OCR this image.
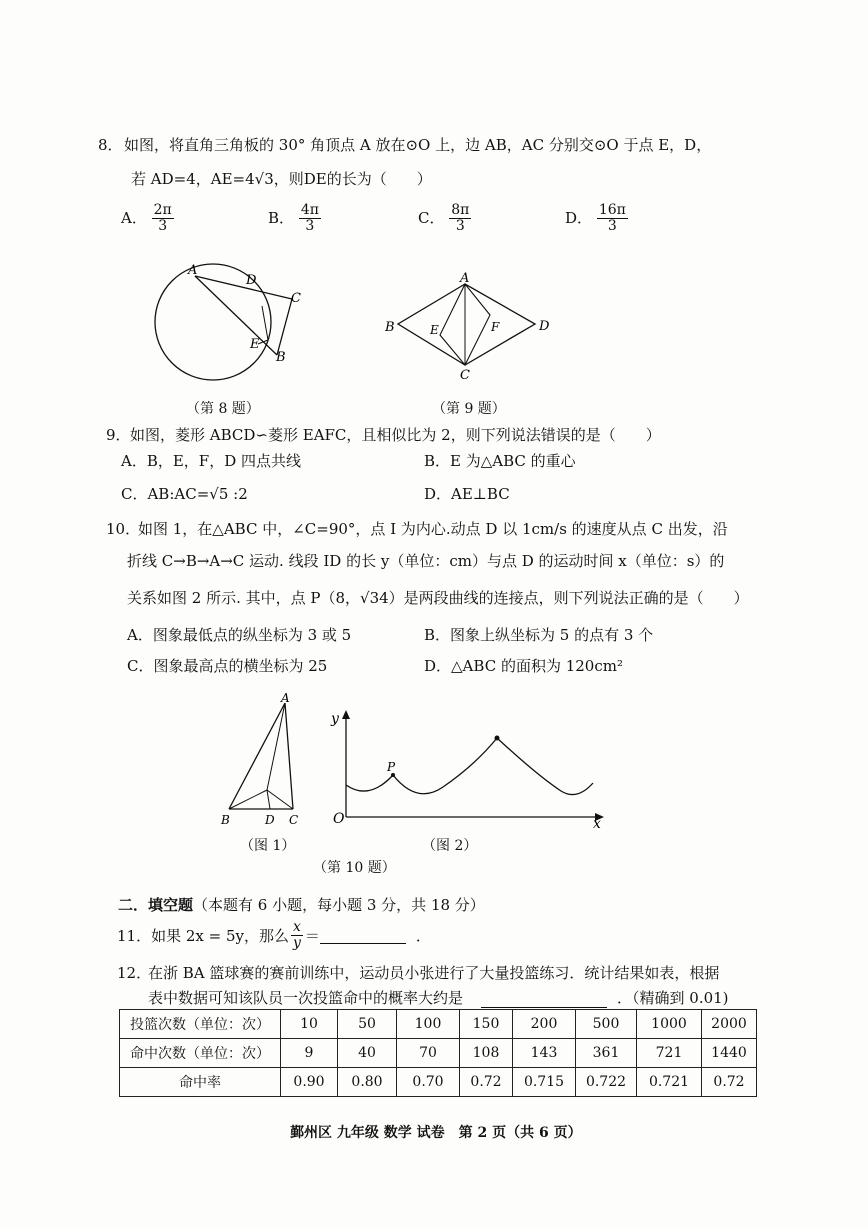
8． 如图，将直角三角板的 30° 角顶点 A 放在⊙O 上，边 AB，AC 分别交⊙O 于点 E，D，
若 AD=4，AE=4√3，则DE的长为（　　）
A． $\frac{2\pi}{3}$	B． $\frac{4\pi}{3}$	C． $\frac{8\pi}{3}$	D． $\frac{16\pi}{3}$
A
D
C
E
B
（第 8 题）
A
B	E	F	D
C
（第 9 题）
9． 如图，菱形 ABCD∽菱形 EAFC，且相似比为 2，则下列说法错误的是（　　）
A．B，E，F，D 四点共线	B．E 为△ABC 的重心
C．AB:AC=√5 :2	D．AE⊥BC
10．
如图 1，在△ABC 中，∠C=90°，点 I 为内心.动点 D 以 1cm/s 的速度从点 C 出发，沿
折线 C→B→A→C 运动. 线段 ID 的长 y（单位：cm）与点 D 的运动时间 x（单位：s）的
关系如图 2 所示. 其中，点 P（8，√34）是两段曲线的连接点，则下列说法正确的是（　　）
A．图象最低点的纵坐标为 3 或 5	B．图象上纵坐标为 5 的点有 3 个
C．图象最高点的横坐标为 25	D．△ABC 的面积为 120cm²
A
B	D C
y
O	x
P
（图 1）	（图 2）
（第 10 题）
二．填空题（本题有 6 小题，每小题 3 分，共 18 分）
11． 如果 2x = 5y，那么 $\frac{x}{y}$ ＝	．
12．
在浙 BA 篮球赛的赛前训练中，运动员小张进行了大量投篮练习．统计结果如表，根据
表中数据可知该队员一次投篮命中的概率大约是	．（精确到 0.01)
投篮次数（单位：次）	10	50	100	150	200	500	1000	2000
命中次数（单位：次）	9	40	70	108	143	361	721	1440
命中率	0.90	0.80	0.70	0.72	0.715	0.722	0.721	0.72
鄞州区 九年级 数学 试卷　第 2 页（共 6 页）
